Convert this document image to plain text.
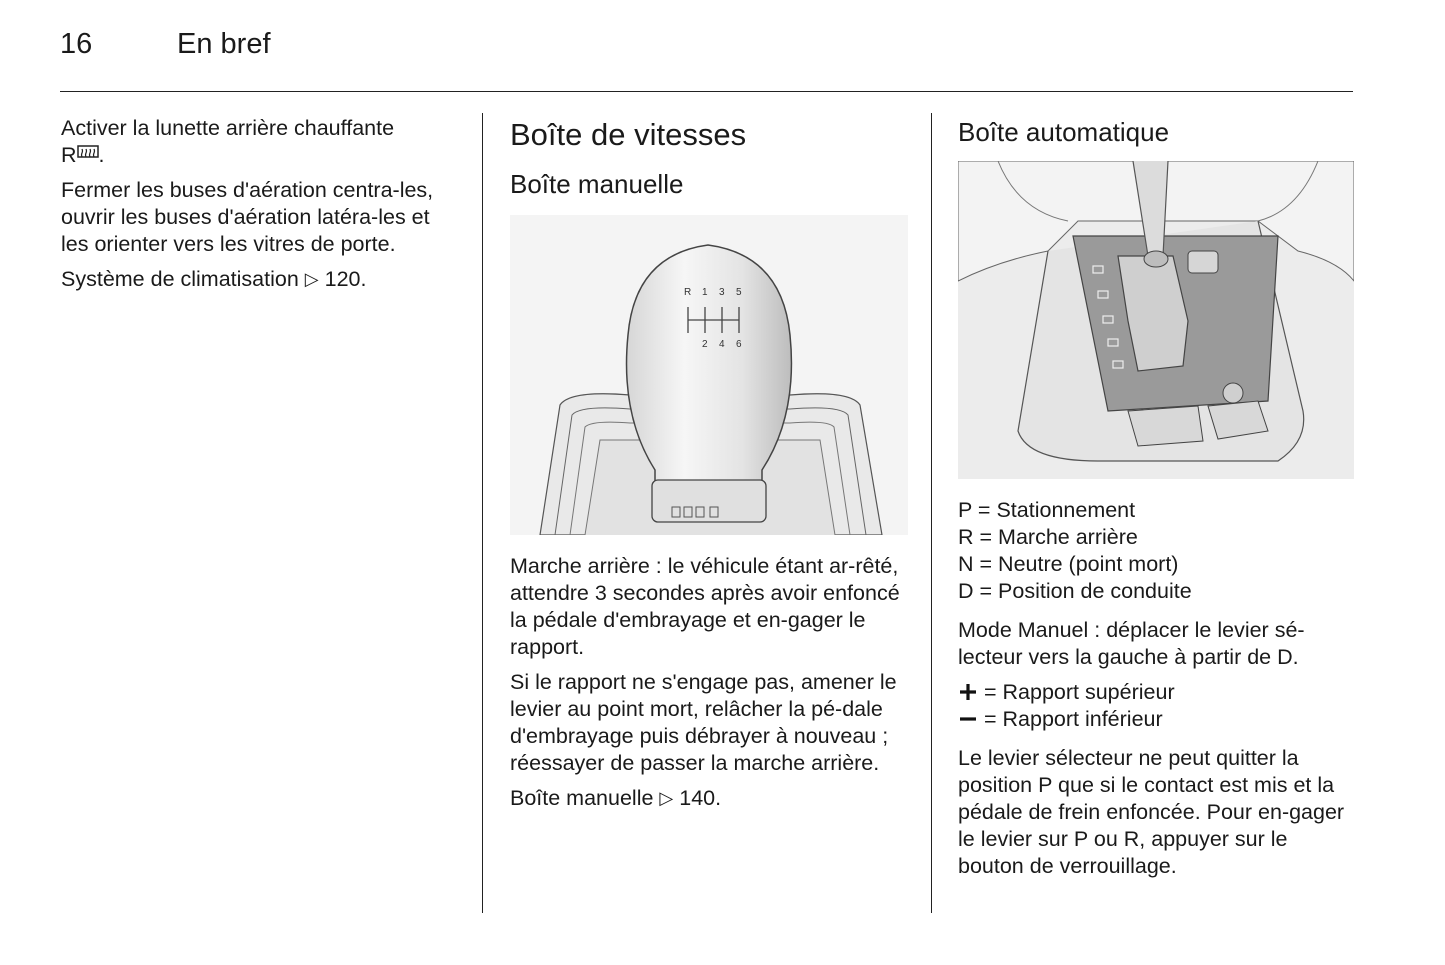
16	En bref

Activer la lunette arrière chauffante
R .

Fermer les buses d'aération centra-les, ouvrir les buses d'aération latéra-les et les orienter vers les vitres de porte.

Système de climatisation ▷ 120.

Boîte de vitesses
Boîte manuelle
R 1 3 5
2 4 6

Marche arrière : le véhicule étant ar-rêté, attendre 3 secondes après avoir enfoncé la pédale d'embrayage et en-gager le rapport.

Si le rapport ne s'engage pas, amener le levier au point mort, relâcher la pé-dale d'embrayage puis débrayer à nouveau ; réessayer de passer la marche arrière.

Boîte manuelle ▷ 140.

Boîte automatique
P = Stationnement
R = Marche arrière
N = Neutre (point mort)
D = Position de conduite

Mode Manuel : déplacer le levier sé-lecteur vers la gauche à partir de D.

= Rapport supérieur
= Rapport inférieur

Le levier sélecteur ne peut quitter la position P que si le contact est mis et la pédale de frein enfoncée. Pour en-gager le levier sur P ou R, appuyer sur le bouton de verrouillage.
